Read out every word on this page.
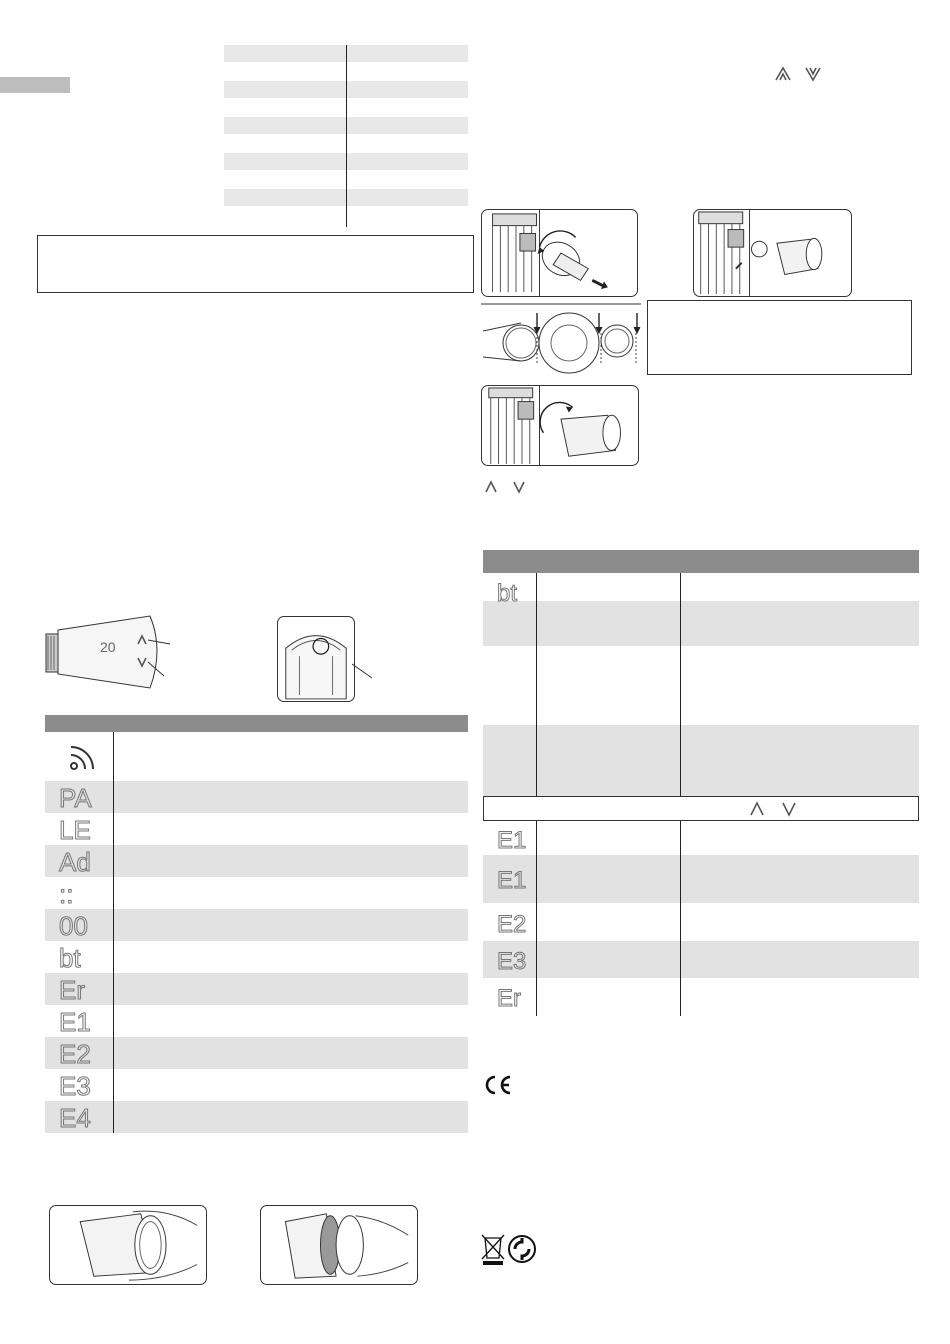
20
PA
LE
Ad
::
00
bt
Er
E1
E2
E3
E4
bt
E1
E1
E2
E3
Er
